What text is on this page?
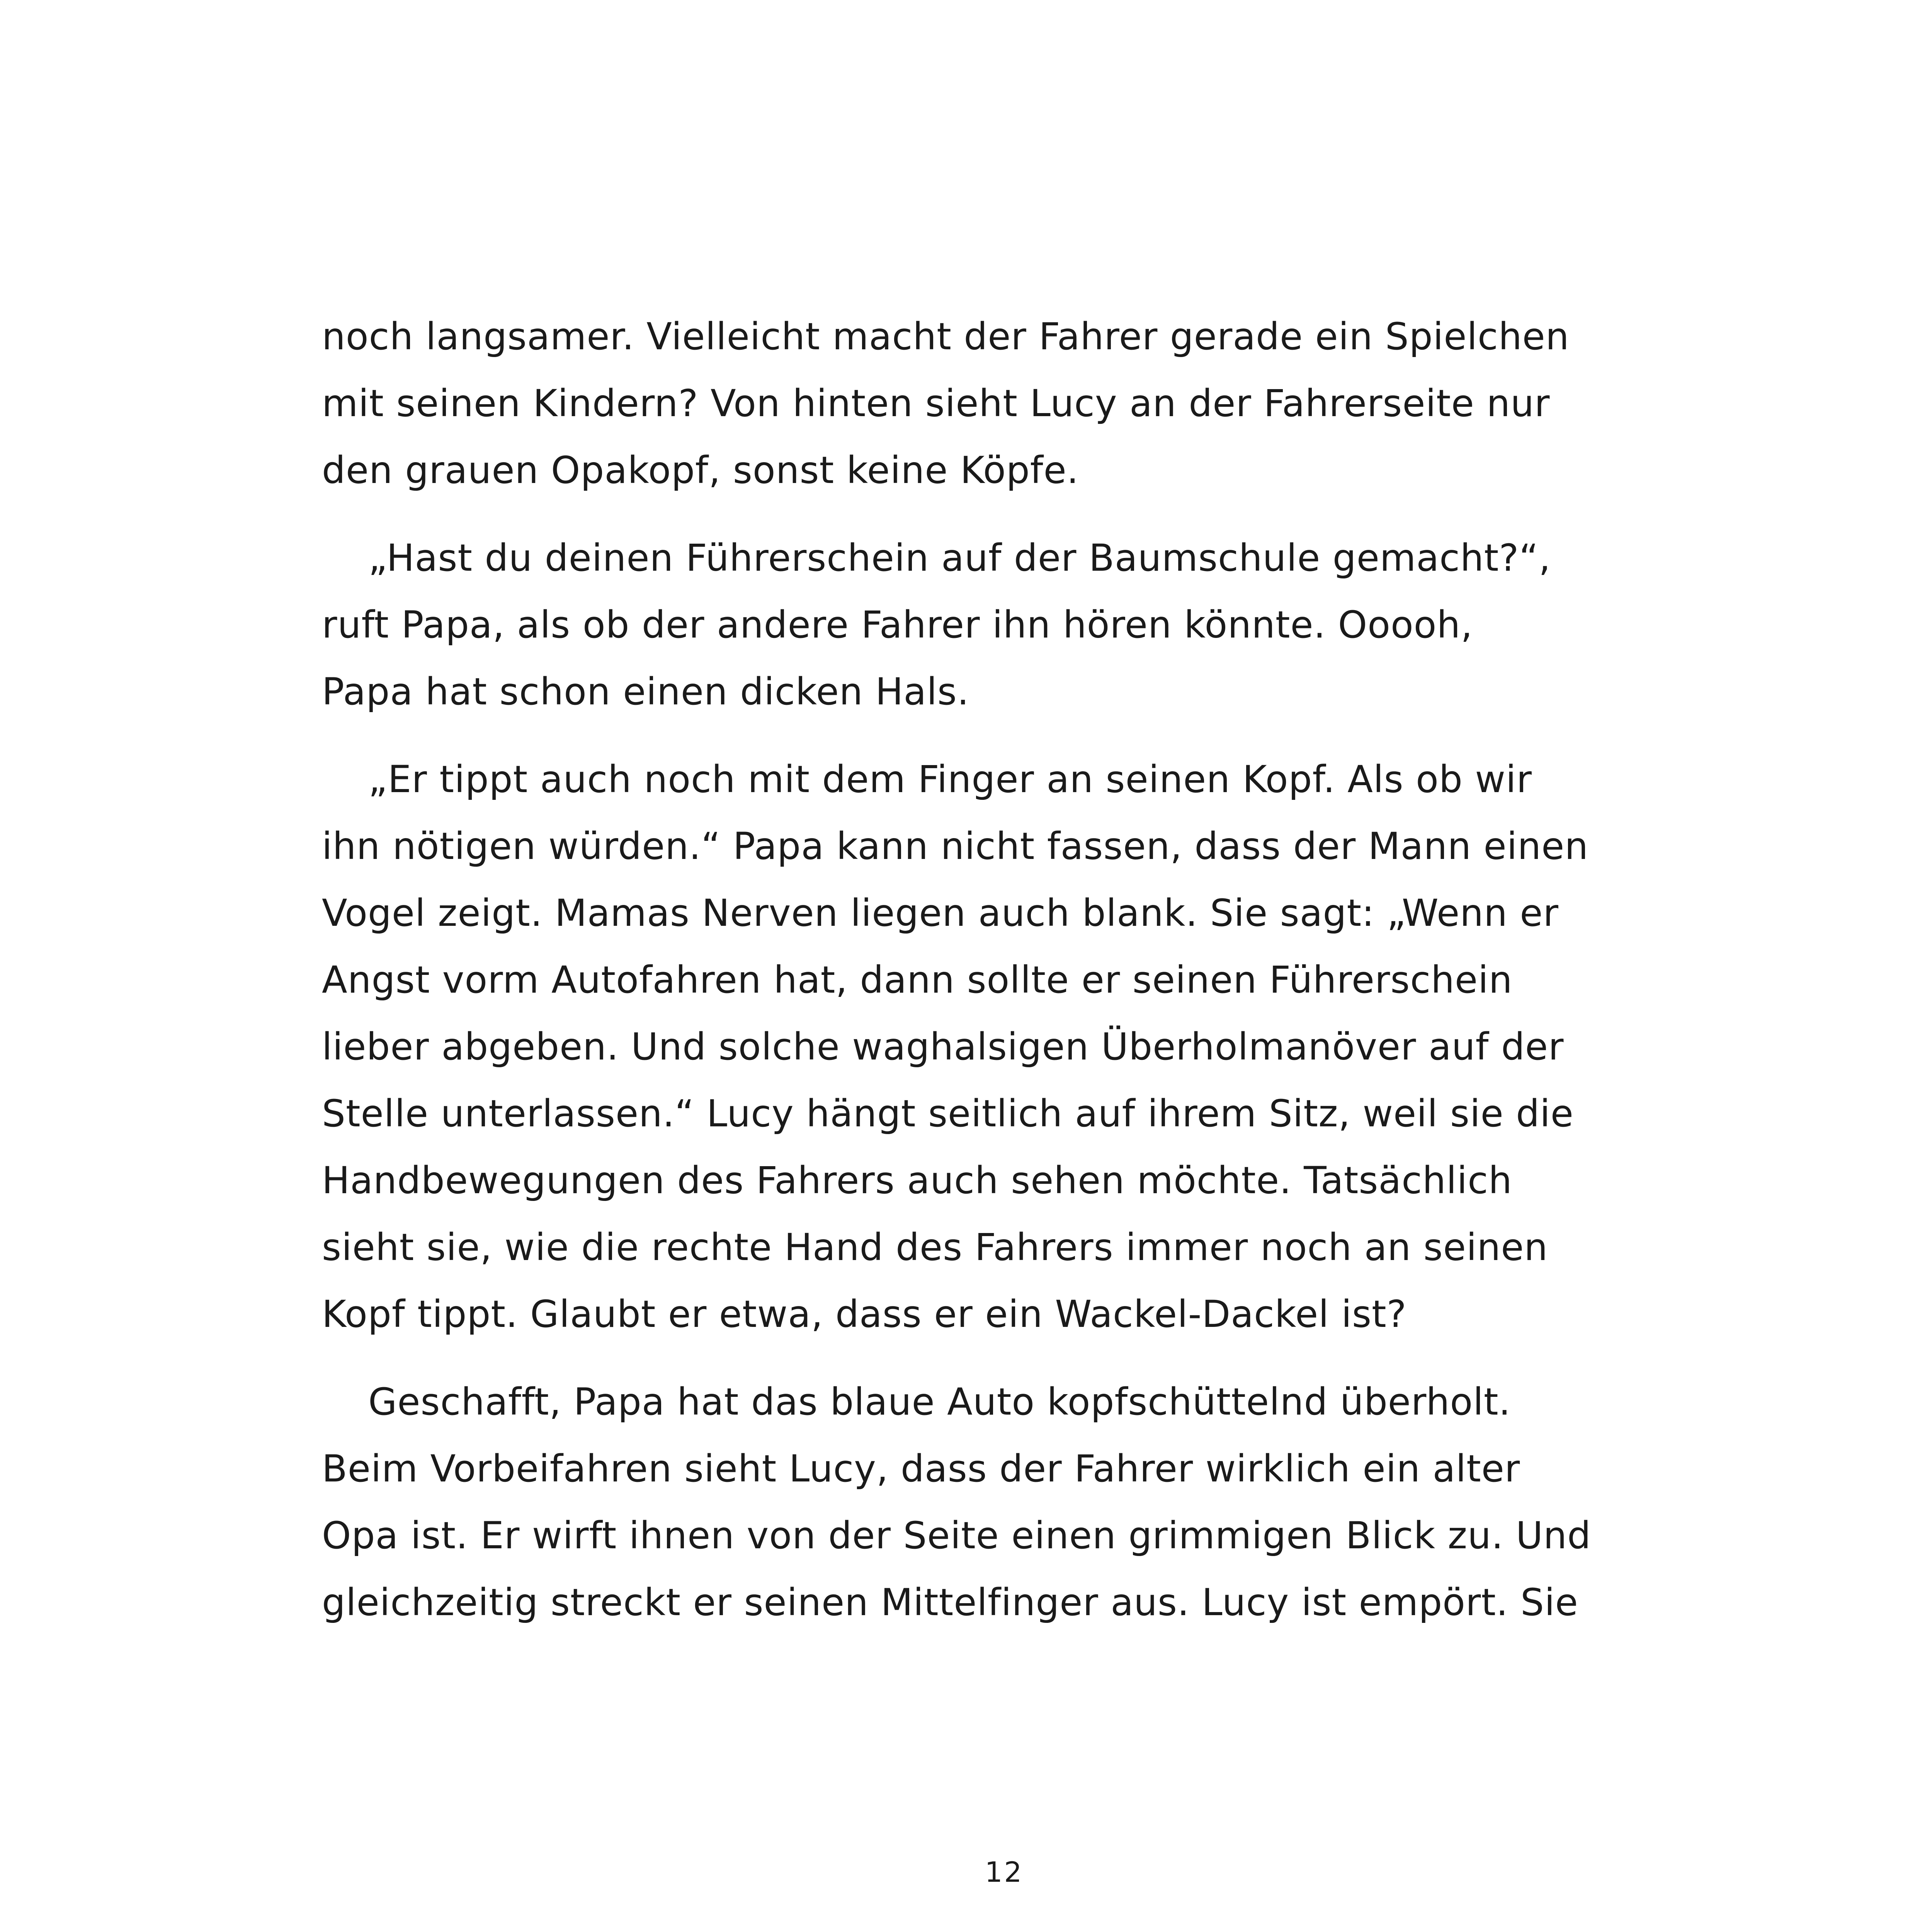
noch langsamer. Vielleicht macht der Fahrer gerade ein Spielchen
mit seinen Kindern? Von hinten sieht Lucy an der Fahrerseite nur
den grauen Opakopf, sonst keine Köpfe.
„Hast du deinen Führerschein auf der Baumschule gemacht?“,
ruft Papa, als ob der andere Fahrer ihn hören könnte. Ooooh,
Papa hat schon einen dicken Hals.
„Er tippt auch noch mit dem Finger an seinen Kopf. Als ob wir
ihn nötigen würden.“ Papa kann nicht fassen, dass der Mann einen
Vogel zeigt. Mamas Nerven liegen auch blank. Sie sagt: „Wenn er
Angst vorm Autofahren hat, dann sollte er seinen Führerschein
lieber abgeben. Und solche waghalsigen Überholmanöver auf der
Stelle unterlassen.“ Lucy hängt seitlich auf ihrem Sitz, weil sie die
Handbewegungen des Fahrers auch sehen möchte. Tatsächlich
sieht sie, wie die rechte Hand des Fahrers immer noch an seinen
Kopf tippt. Glaubt er etwa, dass er ein Wackel-Dackel ist?
Geschafft, Papa hat das blaue Auto kopfschüttelnd überholt.
Beim Vorbeifahren sieht Lucy, dass der Fahrer wirklich ein alter
Opa ist. Er wirft ihnen von der Seite einen grimmigen Blick zu. Und
gleichzeitig streckt er seinen Mittelfinger aus. Lucy ist empört. Sie
12
